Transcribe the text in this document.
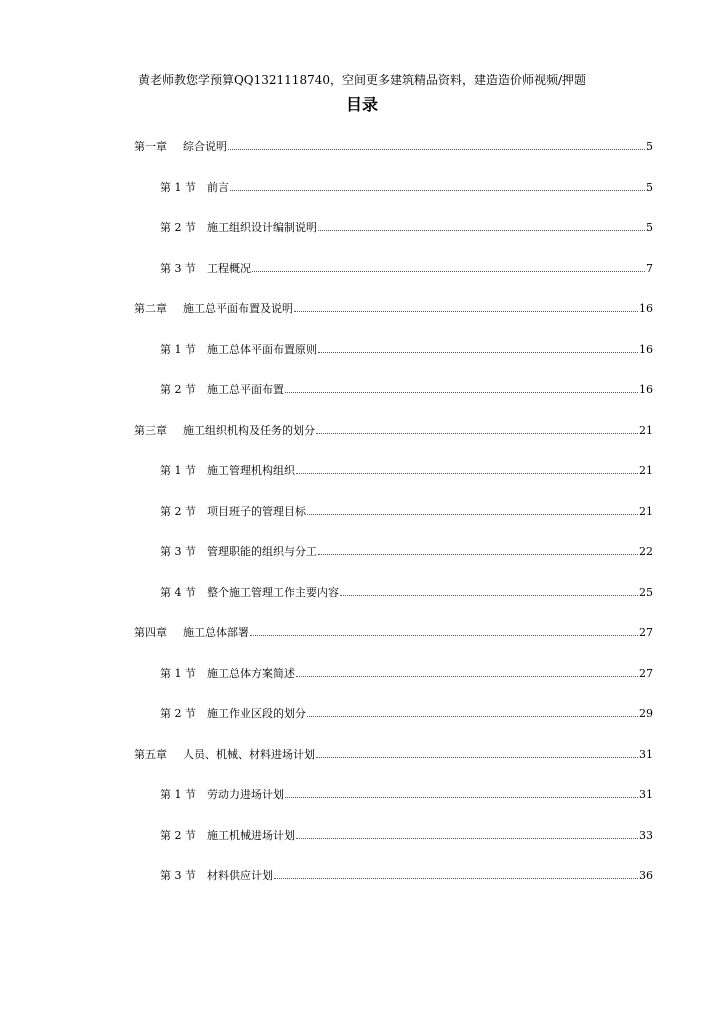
黄老师教您学预算QQ1321118740，空间更多建筑精品资料，建造造价师视频/押题
目录
第一章	综合说明	5
第 1 节	前言	5
第 2 节	施工组织设计编制说明	5
第 3 节	工程概况	7
第二章	施工总平面布置及说明	16
第 1 节	施工总体平面布置原则	16
第 2 节	施工总平面布置	16
第三章	施工组织机构及任务的划分	21
第 1 节	施工管理机构组织	21
第 2 节	项目班子的管理目标	21
第 3 节	管理职能的组织与分工	22
第 4 节	整个施工管理工作主要内容	25
第四章	施工总体部署	27
第 1 节	施工总体方案简述	27
第 2 节	施工作业区段的划分	29
第五章	人员、机械、材料进场计划	31
第 1 节	劳动力进场计划	31
第 2 节	施工机械进场计划	33
第 3 节	材料供应计划	36
